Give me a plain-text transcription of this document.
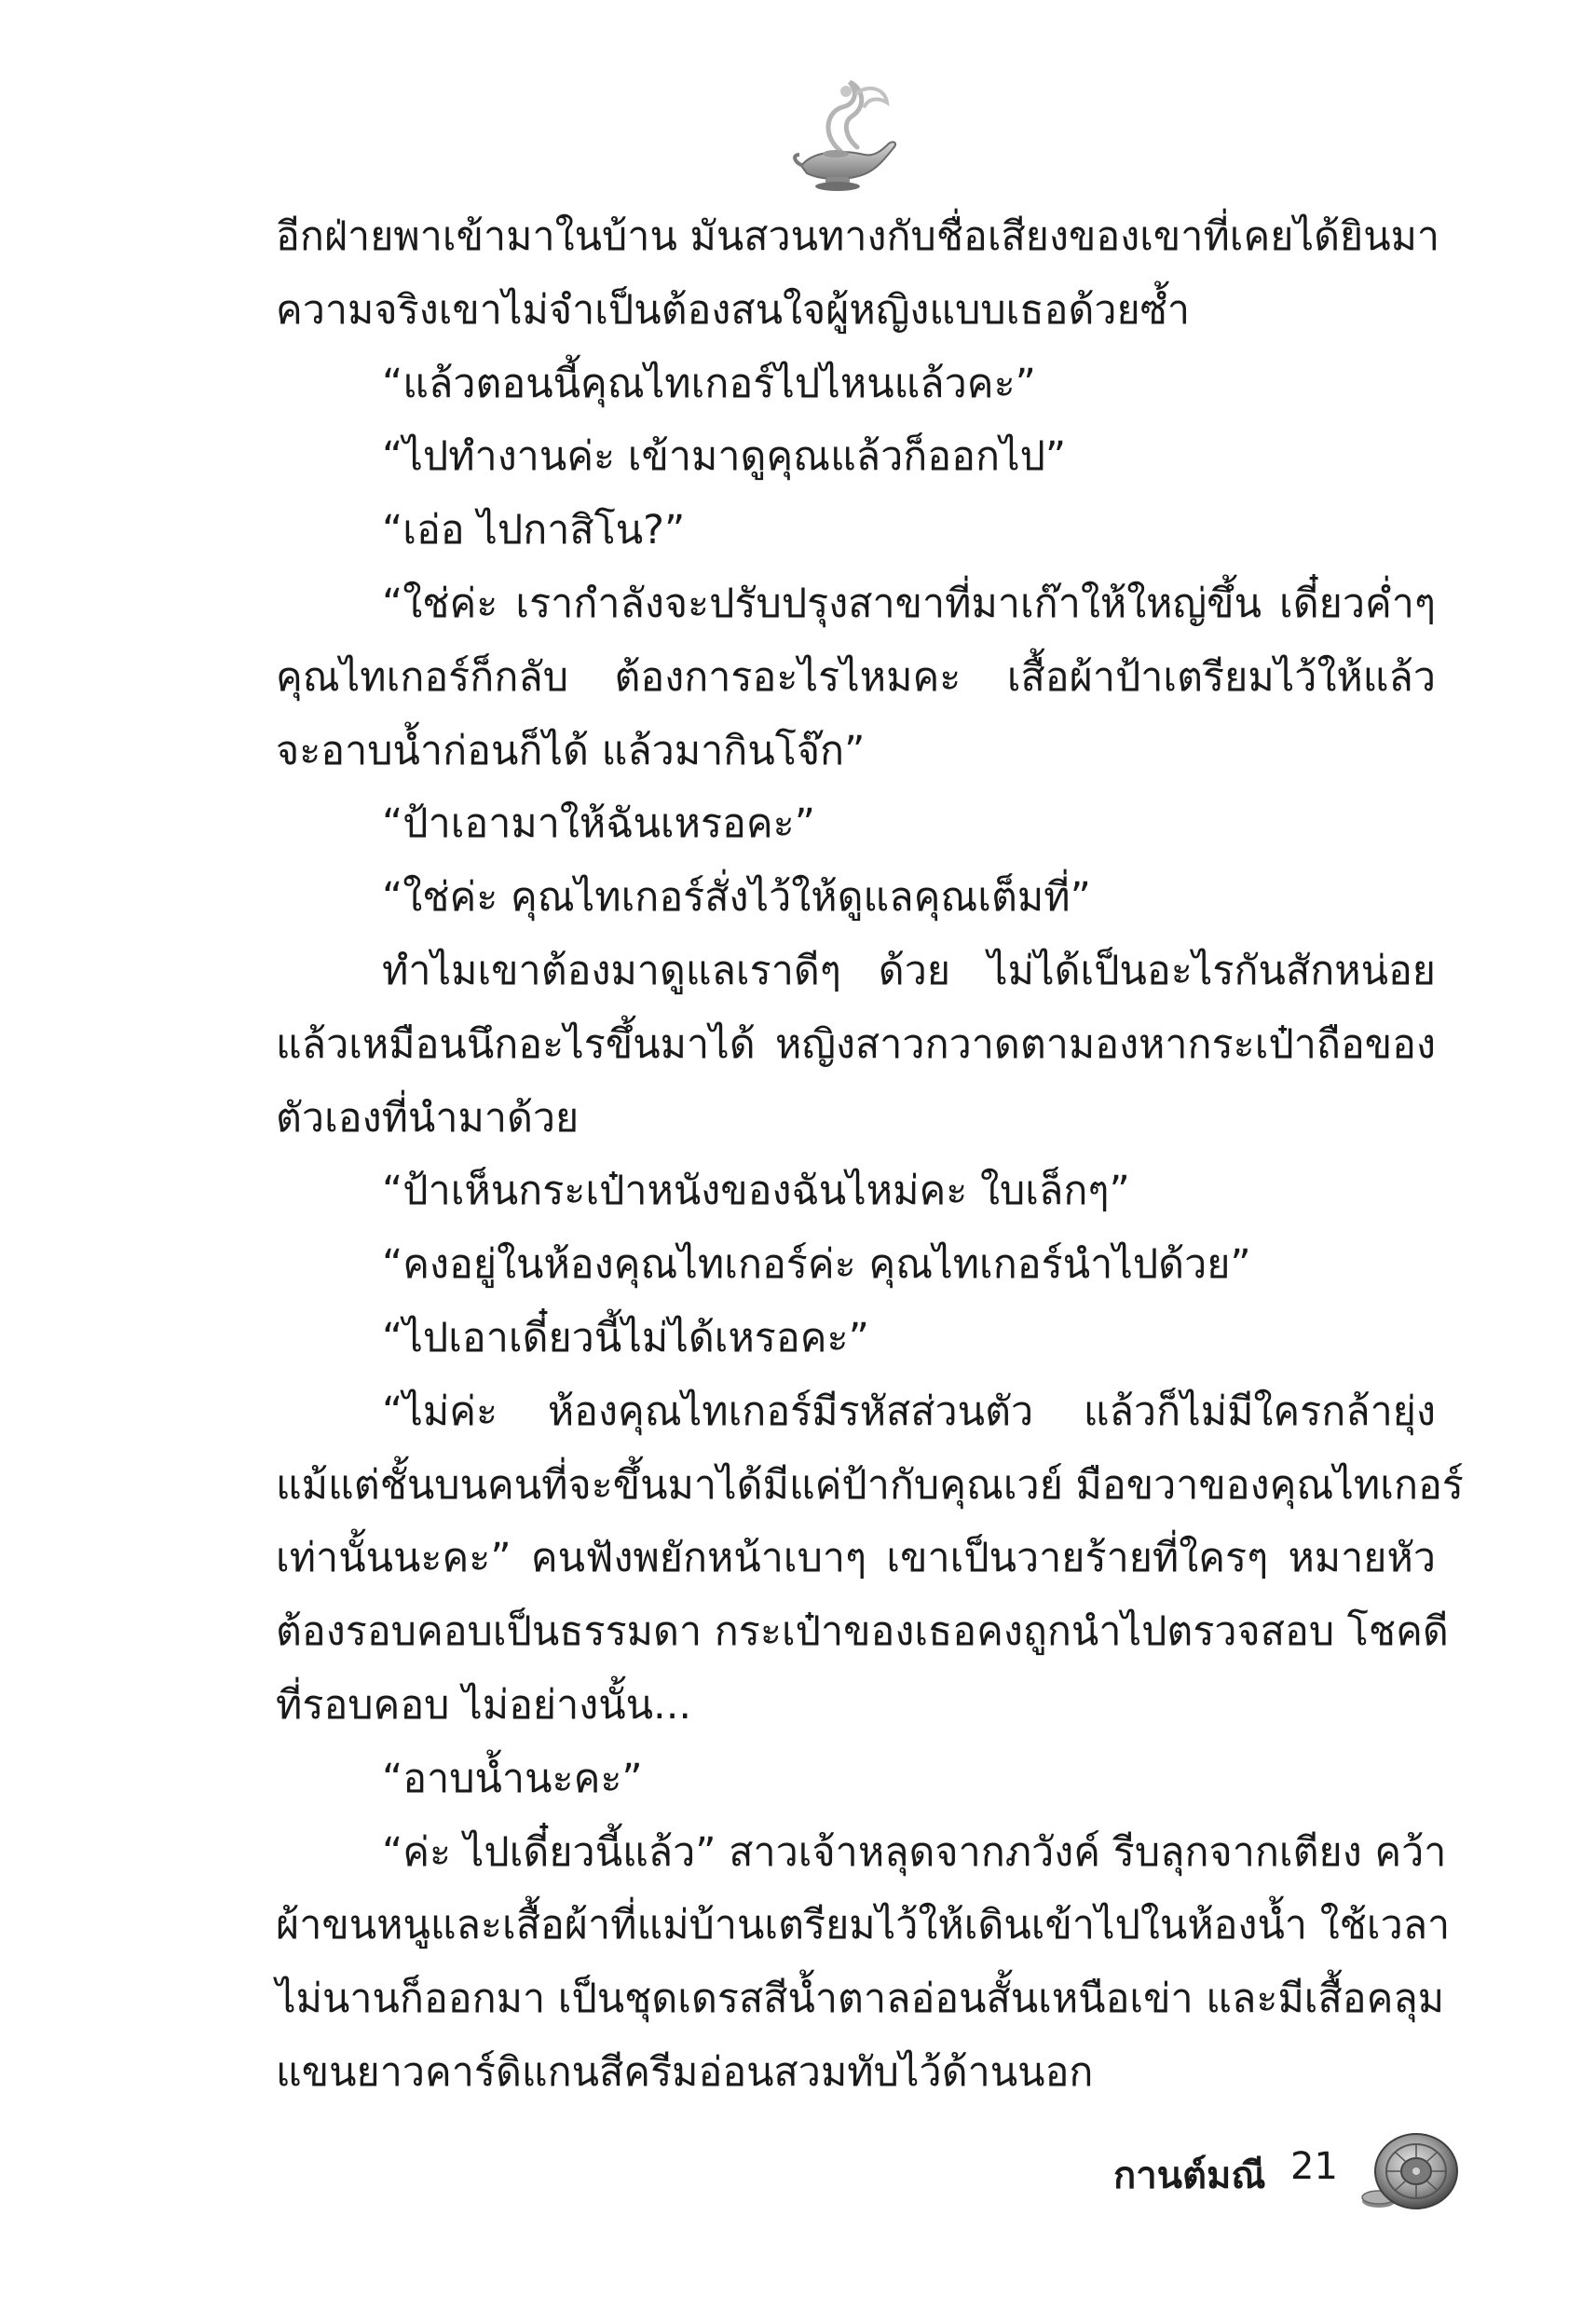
อีกฝ่ายพาเข้ามาในบ้าน มันสวนทางกับชื่อเสียงของเขาที่เคยได้ยินมา
ความจริงเขาไม่จำเป็นต้องสนใจผู้หญิงแบบเธอด้วยซ้ำ

“แล้วตอนนี้คุณไทเกอร์ไปไหนแล้วคะ”

“ไปทำงานค่ะ เข้ามาดูคุณแล้วก็ออกไป”

“เอ่อ ไปกาสิโน?”

“ใช่ค่ะ เรากำลังจะปรับปรุงสาขาที่มาเก๊าให้ใหญ่ขึ้น เดี๋ยวค่ำๆ
คุณไทเกอร์ก็กลับ ต้องการอะไรไหมคะ เสื้อผ้าป้าเตรียมไว้ให้แล้ว
จะอาบน้ำก่อนก็ได้ แล้วมากินโจ๊ก”

“ป้าเอามาให้ฉันเหรอคะ”

“ใช่ค่ะ คุณไทเกอร์สั่งไว้ให้ดูแลคุณเต็มที่”

ทำไมเขาต้องมาดูแลเราดีๆ ด้วย ไม่ได้เป็นอะไรกันสักหน่อย
แล้วเหมือนนึกอะไรขึ้นมาได้ หญิงสาวกวาดตามองหากระเป๋าถือของ
ตัวเองที่นำมาด้วย

“ป้าเห็นกระเป๋าหนังของฉันไหม่คะ ใบเล็กๆ”

“คงอยู่ในห้องคุณไทเกอร์ค่ะ คุณไทเกอร์นำไปด้วย”

“ไปเอาเดี๋ยวนี้ไม่ได้เหรอคะ”

“ไม่ค่ะ ห้องคุณไทเกอร์มีรหัสส่วนตัว แล้วก็ไม่มีใครกล้ายุ่ง
แม้แต่ชั้นบนคนที่จะขึ้นมาได้มีแค่ป้ากับคุณเวย์ มือขวาของคุณไทเกอร์
เท่านั้นนะคะ” คนฟังพยักหน้าเบาๆ เขาเป็นวายร้ายที่ใครๆ หมายหัว
ต้องรอบคอบเป็นธรรมดา กระเป๋าของเธอคงถูกนำไปตรวจสอบ โชคดี
ที่รอบคอบ ไม่อย่างนั้น...

“อาบน้ำนะคะ”

“ค่ะ ไปเดี๋ยวนี้แล้ว” สาวเจ้าหลุดจากภวังค์ รีบลุกจากเตียง คว้า
ผ้าขนหนูและเสื้อผ้าที่แม่บ้านเตรียมไว้ให้เดินเข้าไปในห้องน้ำ ใช้เวลา
ไม่นานก็ออกมา เป็นชุดเดรสสีน้ำตาลอ่อนสั้นเหนือเข่า และมีเสื้อคลุม
แขนยาวคาร์ดิแกนสีครีมอ่อนสวมทับไว้ด้านนอก

กานต์มณี 21
